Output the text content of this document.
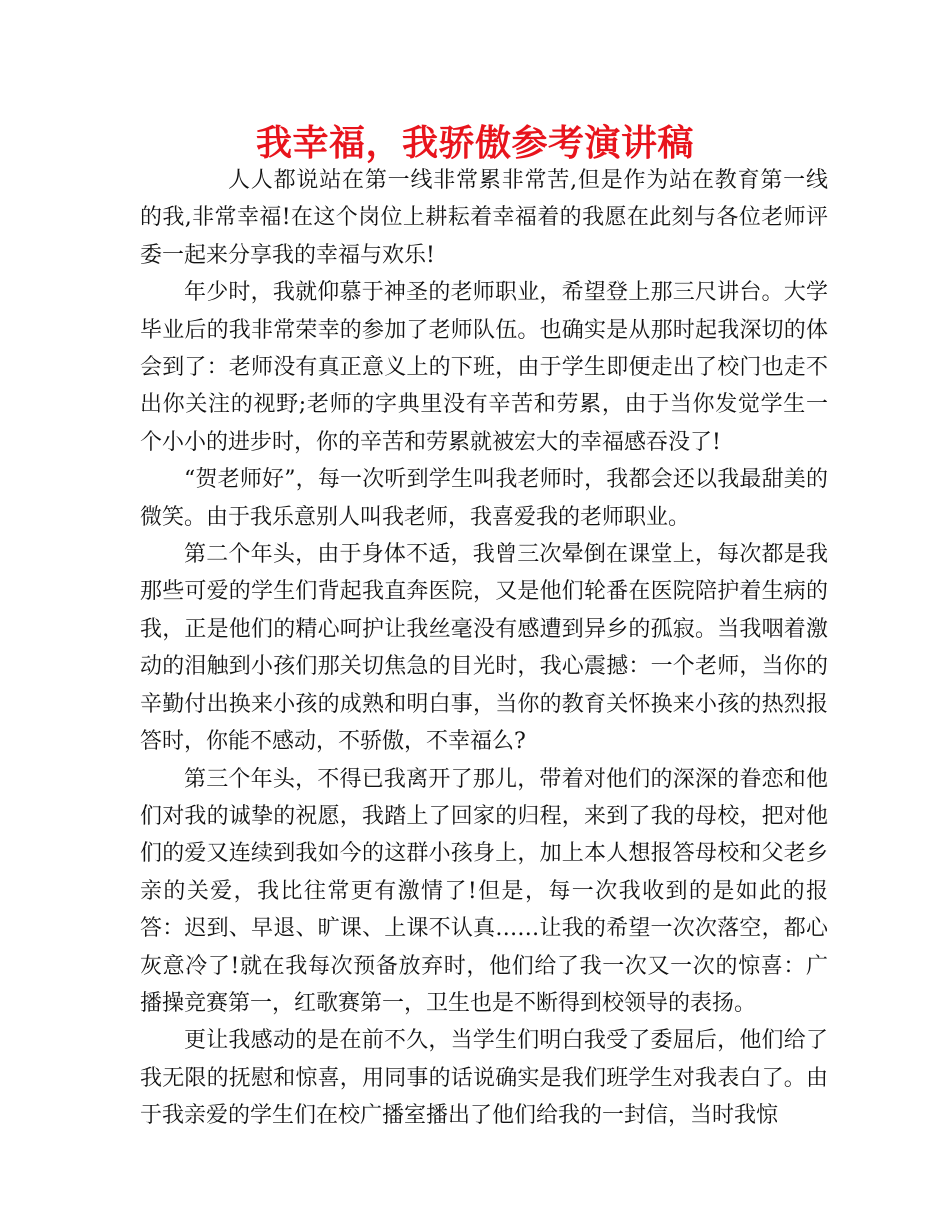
我幸福，我骄傲参考演讲稿

人人都说站在第一线非常累非常苦,但是作为站在教育第一线的我,非常幸福!在这个岗位上耕耘着幸福着的我愿在此刻与各位老师评委一起来分享我的幸福与欢乐!

年少时，我就仰慕于神圣的老师职业，希望登上那三尺讲台。大学毕业后的我非常荣幸的参加了老师队伍。也确实是从那时起我深切的体会到了：老师没有真正意义上的下班，由于学生即便走出了校门也走不出你关注的视野;老师的字典里没有辛苦和劳累，由于当你发觉学生一个小小的进步时，你的辛苦和劳累就被宏大的幸福感吞没了!

“贺老师好”，每一次听到学生叫我老师时，我都会还以我最甜美的微笑。由于我乐意别人叫我老师，我喜爱我的老师职业。

第二个年头，由于身体不适，我曾三次晕倒在课堂上，每次都是我那些可爱的学生们背起我直奔医院，又是他们轮番在医院陪护着生病的我，正是他们的精心呵护让我丝毫没有感遭到异乡的孤寂。当我咽着激动的泪触到小孩们那关切焦急的目光时，我心震撼：一个老师，当你的辛勤付出换来小孩的成熟和明白事，当你的教育关怀换来小孩的热烈报答时，你能不感动，不骄傲，不幸福么?

第三个年头，不得已我离开了那儿，带着对他们的深深的眷恋和他们对我的诚挚的祝愿，我踏上了回家的归程，来到了我的母校，把对他们的爱又连续到我如今的这群小孩身上，加上本人想报答母校和父老乡亲的关爱，我比往常更有激情了!但是，每一次我收到的是如此的报答：迟到、早退、旷课、上课不认真……让我的希望一次次落空，都心灰意冷了!就在我每次预备放弃时，他们给了我一次又一次的惊喜：广播操竞赛第一，红歌赛第一，卫生也是不断得到校领导的表扬。

更让我感动的是在前不久，当学生们明白我受了委屈后，他们给了我无限的抚慰和惊喜，用同事的话说确实是我们班学生对我表白了。由于我亲爱的学生们在校广播室播出了他们给我的一封信，当时我惊
